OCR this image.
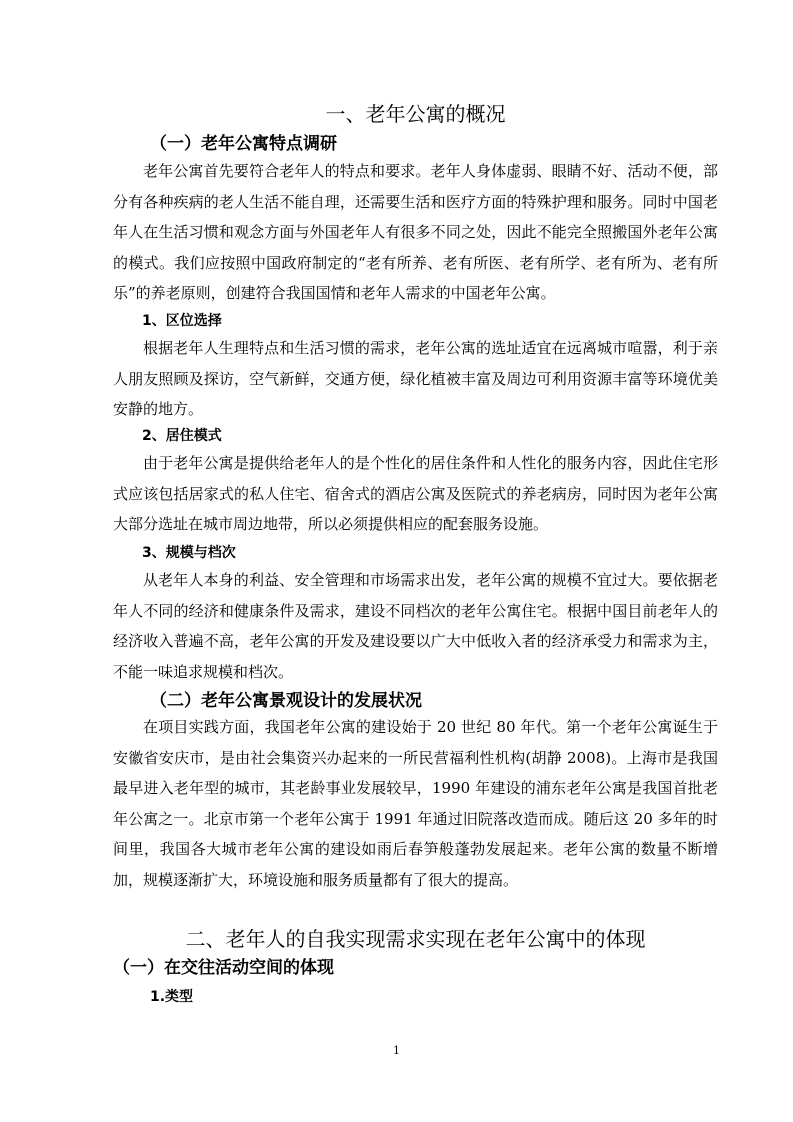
一、老年公寓的概况
（一）老年公寓特点调研
老年公寓首先要符合老年人的特点和要求。老年人身体虚弱、眼睛不好、活动不便，部分有各种疾病的老人生活不能自理，还需要生活和医疗方面的特殊护理和服务。同时中国老年人在生活习惯和观念方面与外国老年人有很多不同之处，因此不能完全照搬国外老年公寓的模式。我们应按照中国政府制定的“老有所养、老有所医、老有所学、老有所为、老有所乐”的养老原则，创建符合我国国情和老年人需求的中国老年公寓。
1、区位选择
根据老年人生理特点和生活习惯的需求，老年公寓的选址适宜在远离城市喧嚣，利于亲人朋友照顾及探访，空气新鲜，交通方便，绿化植被丰富及周边可利用资源丰富等环境优美安静的地方。
2、居住模式
由于老年公寓是提供给老年人的是个性化的居住条件和人性化的服务内容，因此住宅形式应该包括居家式的私人住宅、宿舍式的酒店公寓及医院式的养老病房，同时因为老年公寓大部分选址在城市周边地带，所以必须提供相应的配套服务设施。
3、规模与档次
从老年人本身的利益、安全管理和市场需求出发，老年公寓的规模不宜过大。要依据老年人不同的经济和健康条件及需求，建设不同档次的老年公寓住宅。根据中国目前老年人的经济收入普遍不高，老年公寓的开发及建设要以广大中低收入者的经济承受力和需求为主，不能一味追求规模和档次。
（二）老年公寓景观设计的发展状况
在项目实践方面，我国老年公寓的建设始于 20 世纪 80 年代。第一个老年公寓诞生于安徽省安庆市，是由社会集资兴办起来的一所民营福利性机构(胡静 2008)。上海市是我国最早进入老年型的城市，其老龄事业发展较早，1990 年建设的浦东老年公寓是我国首批老年公寓之一。北京市第一个老年公寓于 1991 年通过旧院落改造而成。随后这 20 多年的时间里，我国各大城市老年公寓的建设如雨后春笋般蓬勃发展起来。老年公寓的数量不断增加，规模逐渐扩大，环境设施和服务质量都有了很大的提高。
二、老年人的自我实现需求实现在老年公寓中的体现
（一）在交往活动空间的体现
1.类型
1
